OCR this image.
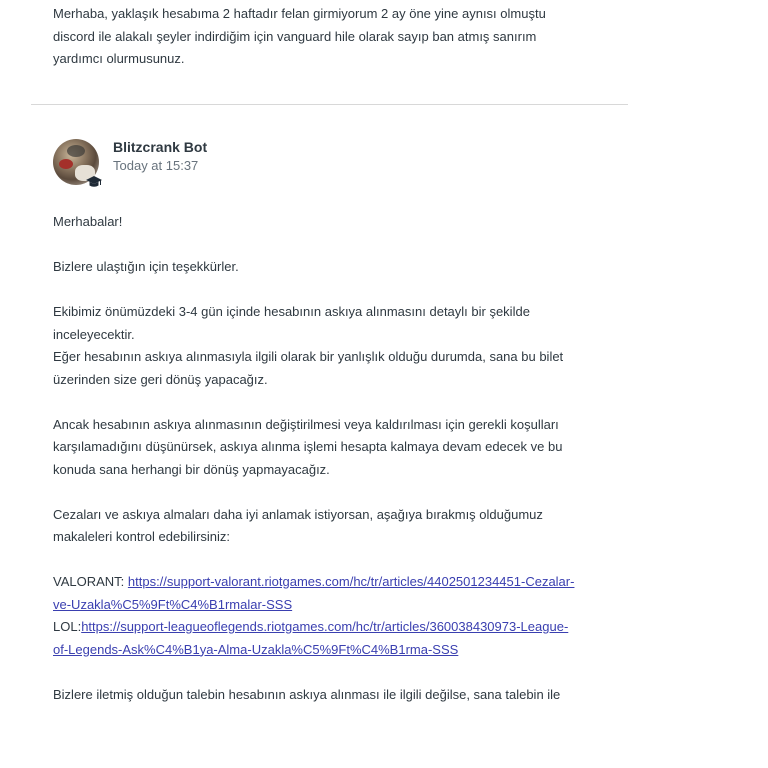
Merhaba, yaklaşık hesabıma 2 haftadır felan girmiyorum 2 ay öne yine aynısı olmuştu

discord ile alakalı şeyler indirdiğim için vanguard hile olarak sayıp ban atmış sanırım

yardımcı olurmusunuz.

Blitzcrank Bot
Today at 15:37

Merhabalar!

Bizlere ulaştığın için teşekkürler.

Ekibimiz önümüzdeki 3-4 gün içinde hesabının askıya alınmasını detaylı bir şekilde
inceleyecektir.
Eğer hesabının askıya alınmasıyla ilgili olarak bir yanlışlık olduğu durumda, sana bu bilet
üzerinden size geri dönüş yapacağız.

Ancak hesabının askıya alınmasının değiştirilmesi veya kaldırılması için gerekli koşulları
karşılamadığını düşünürsek, askıya alınma işlemi hesapta kalmaya devam edecek ve bu
konuda sana herhangi bir dönüş yapmayacağız.

Cezaları ve askıya almaları daha iyi anlamak istiyorsan, aşağıya bırakmış olduğumuz
makaleleri kontrol edebilirsiniz:

VALORANT: https://support-valorant.riotgames.com/hc/tr/articles/4402501234451-Cezalar-
ve-Uzakla%C5%9Ft%C4%B1rmalar-SSS
LOL:https://support-leagueoflegends.riotgames.com/hc/tr/articles/360038430973-League-
of-Legends-Ask%C4%B1ya-Alma-Uzakla%C5%9Ft%C4%B1rma-SSS

Bizlere iletmiş olduğun talebin hesabının askıya alınması ile ilgili değilse, sana talebin ile
